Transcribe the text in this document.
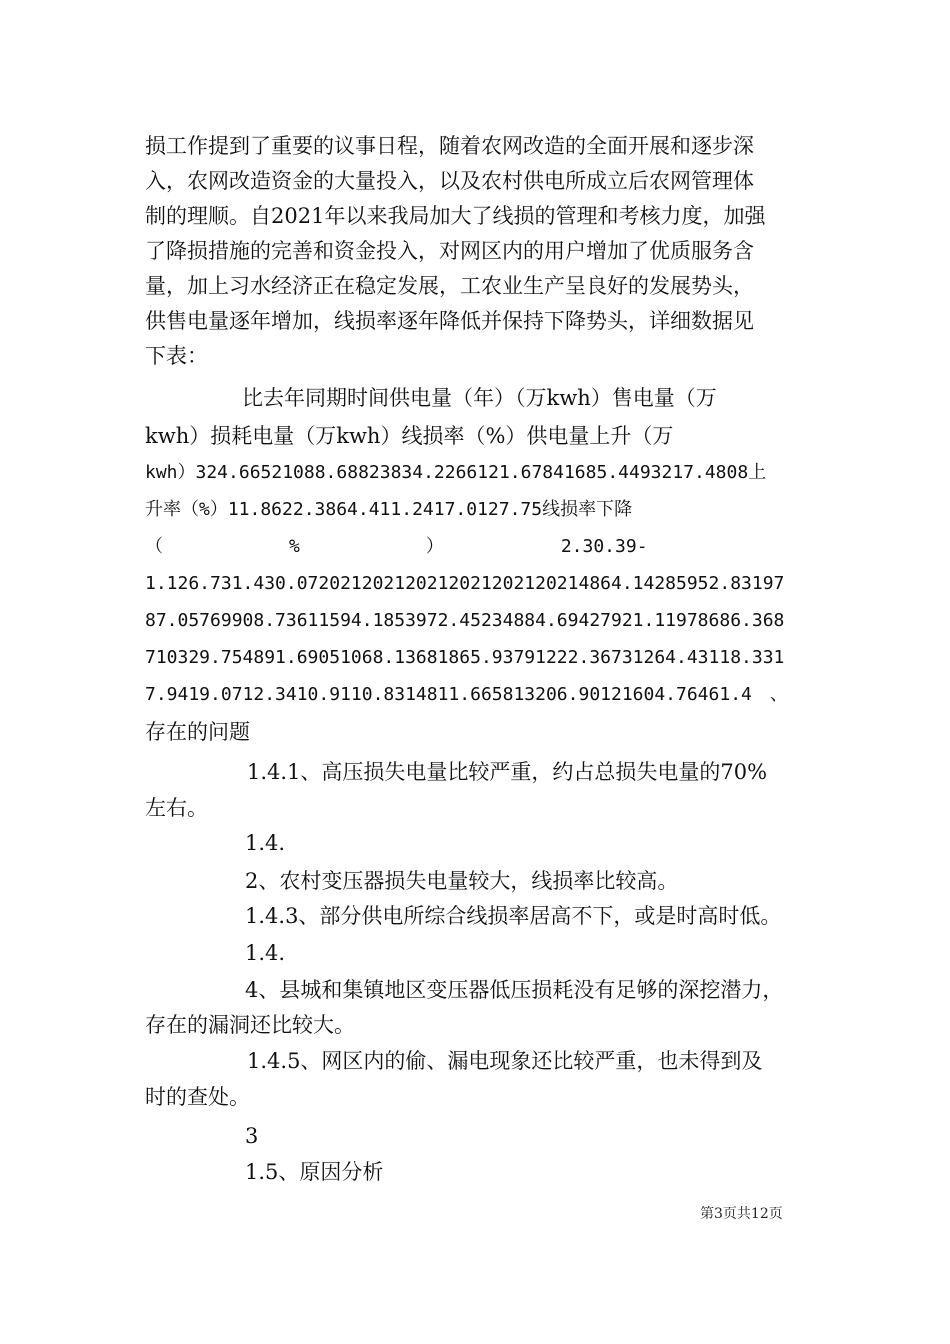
损工作提到了重要的议事日程，随着农网改造的全面开展和逐步深
入，农网改造资金的大量投入，以及农村供电所成立后农网管理体
制的理顺。自2021年以来我局加大了线损的管理和考核力度，加强
了降损措施的完善和资金投入，对网区内的用户增加了优质服务含
量，加上习水经济正在稳定发展，工农业生产呈良好的发展势头，
供售电量逐年增加，线损率逐年降低并保持下降势头，详细数据见
下表：
　　比去年同期时间供电量（年）（万kwh）售电量（万
kwh）损耗电量（万kwh）线损率（%）供电量上升（万
kwh）324.66521088.68823834.2266121.67841685.4493217.4808上
升率（%）11.8622.3864.411.2417.0127.75线损率下降
（　　　　　　　%　　　　　　　）　　　　　　　2.30.39-
1.126.731.430.072021202120212021202120214864.14285952.83197
87.05769908.73611594.1853972.45234884.69427921.11978686.368
710329.754891.69051068.13681865.93791222.36731264.43118.331
7.9419.0712.3410.9110.8314811.665813206.90121604.76461.4　、
存在的问题
1.4.1、高压损失电量比较严重，约占总损失电量的70%
左右。
1.4.
2、农村变压器损失电量较大，线损率比较高。
1.4.3、部分供电所综合线损率居高不下，或是时高时低。
1.4.
4、县城和集镇地区变压器低压损耗没有足够的深挖潜力，
存在的漏洞还比较大。
1.4.5、网区内的偷、漏电现象还比较严重，也未得到及
时的查处。
3
1.5、原因分析
第3页共12页
